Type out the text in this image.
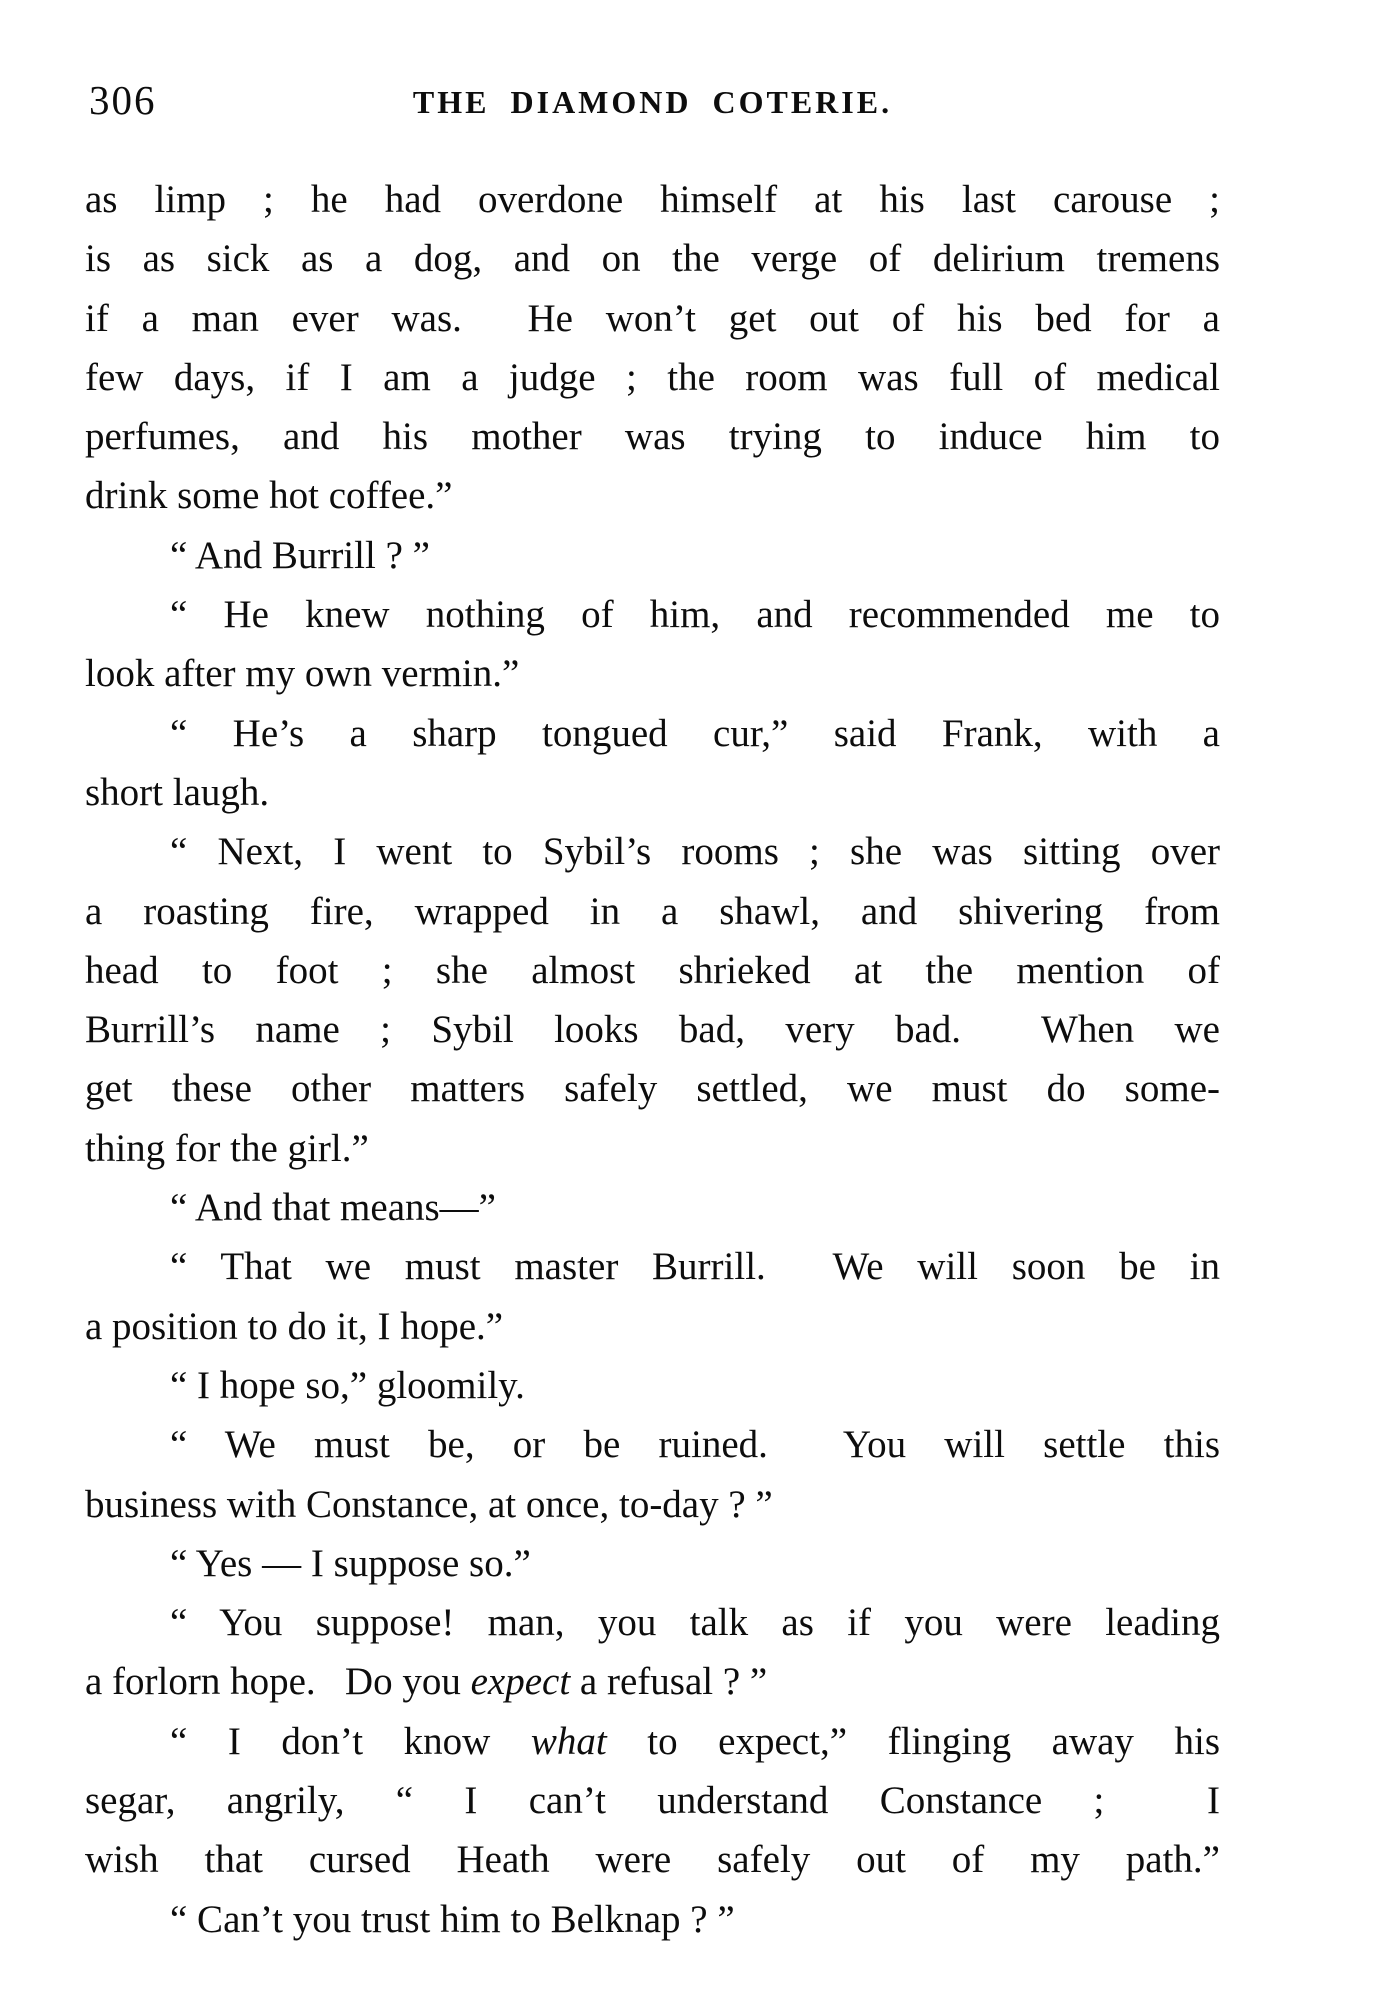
306	THE DIAMOND COTERIE.
as limp ; he had overdone himself at his last carouse ;
is as sick as a dog, and on the verge of delirium tremens
if a man ever was.  He won’t get out of his bed for a
few days, if I am a judge ; the room was full of medical
perfumes, and his mother was trying to induce him to
drink some hot coffee.”
“ And Burrill ? ”
“ He knew nothing of him, and recommended me to
look after my own vermin.”
“ He’s a sharp tongued cur,” said Frank, with a
short laugh.
“ Next, I went to Sybil’s rooms ; she was sitting over
a roasting fire, wrapped in a shawl, and shivering from
head to foot ; she almost shrieked at the mention of
Burrill’s name ; Sybil looks bad, very bad.  When we
get these other matters safely settled, we must do some-
thing for the girl.”
“ And that means—”
“ That we must master Burrill.  We will soon be in
a position to do it, I hope.”
“ I hope so,” gloomily.
“ We must be, or be ruined.  You will settle this
business with Constance, at once, to-day ? ”
“ Yes — I suppose so.”
“ You suppose! man, you talk as if you were leading
a forlorn hope.   Do you expect a refusal ? ”
“ I don’t know what to expect,” flinging away his
segar, angrily, “ I can’t understand Constance ;  I
wish that cursed Heath were safely out of my path.”
“ Can’t you trust him to Belknap ? ”
